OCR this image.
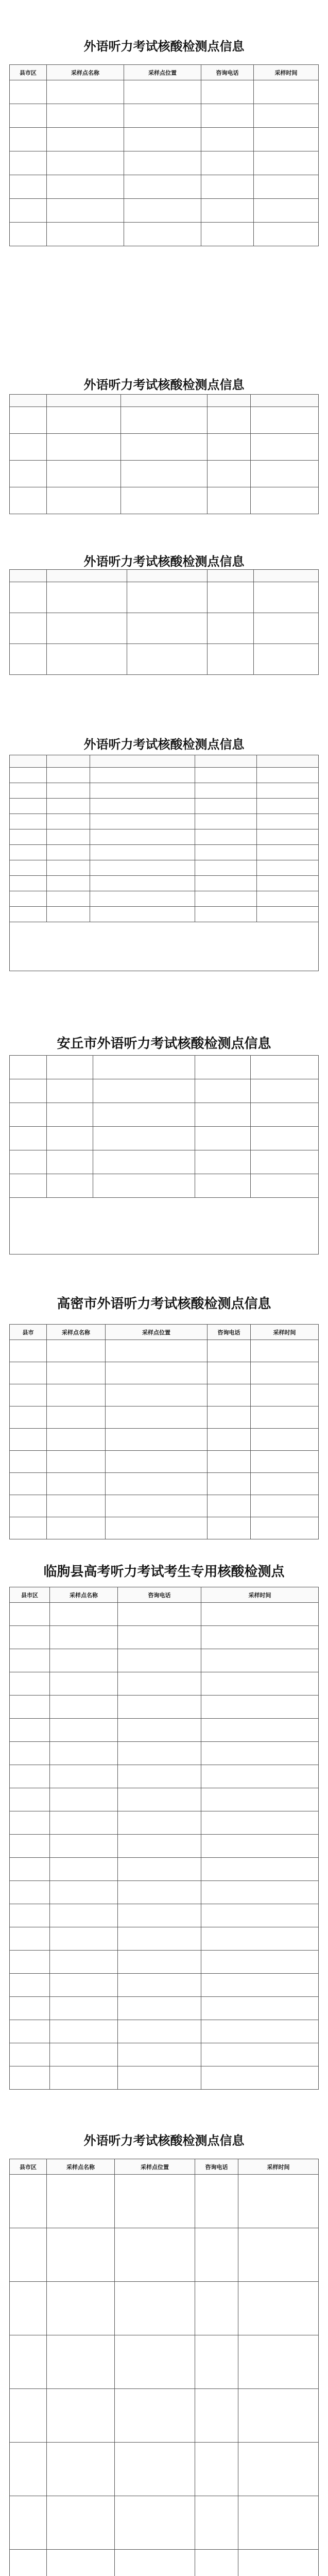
外语听力考试核酸检测点信息
县市区	采样点名称	采样点位置	咨询电话	采样时间

外语听力考试核酸检测点信息

外语听力考试核酸检测点信息

外语听力考试核酸检测点信息

安丘市外语听力考试核酸检测点信息

高密市外语听力考试核酸检测点信息
县市	采样点名称	采样点位置	咨询电话	采样时间

临朐县高考听力考试考生专用核酸检测点
县市区	采样点名称	咨询电话	采样时间

外语听力考试核酸检测点信息
县市区	采样点名称	采样点位置	咨询电话	采样时间
